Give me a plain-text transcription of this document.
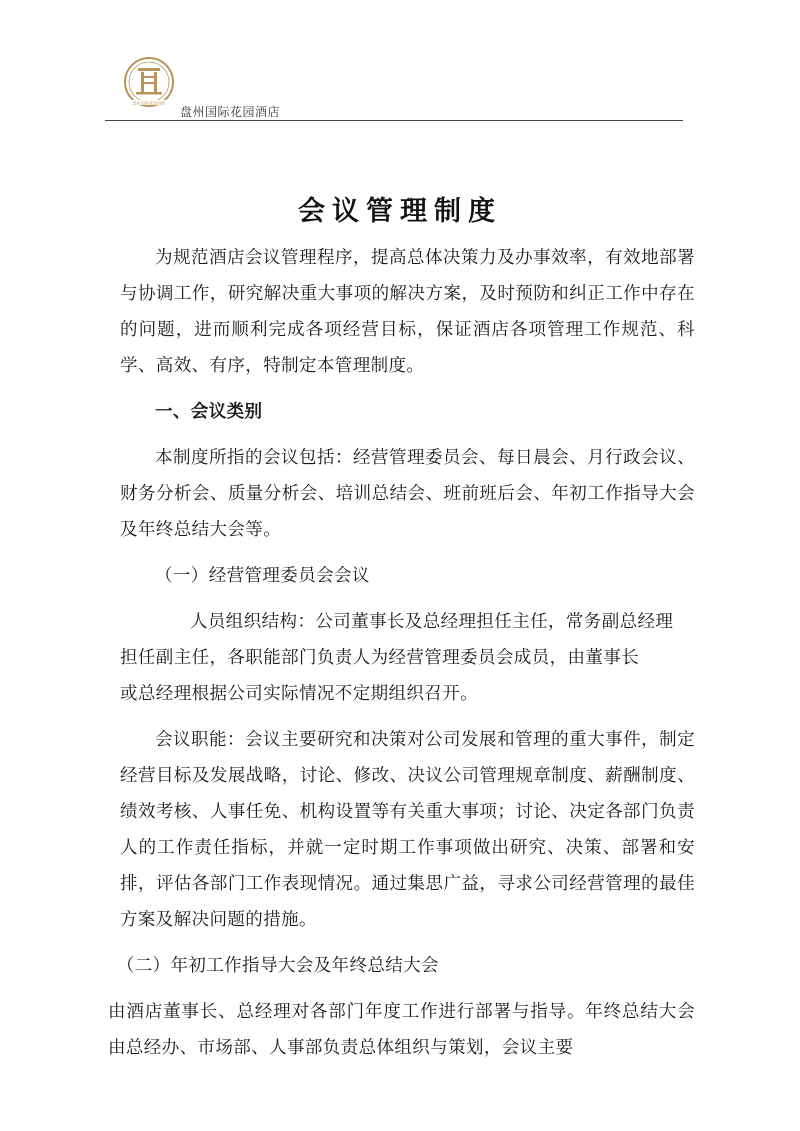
盘州国际花园酒店
盘州国际花园酒店
会议管理制度

为规范酒店会议管理程序，提高总体决策力及办事效率，有效地部署与协调工作，研究解决重大事项的解决方案，及时预防和纠正工作中存在的问题，进而顺利完成各项经营目标，保证酒店各项管理工作规范、科学、高效、有序，特制定本管理制度。

一、会议类别

本制度所指的会议包括：经营管理委员会、每日晨会、月行政会议、财务分析会、质量分析会、培训总结会、班前班后会、年初工作指导大会及年终总结大会等。

（一）经营管理委员会会议

人员组织结构：公司董事长及总经理担任主任，常务副总经理
担任副主任，各职能部门负责人为经营管理委员会成员，由董事长
或总经理根据公司实际情况不定期组织召开。

会议职能：会议主要研究和决策对公司发展和管理的重大事件，制定经营目标及发展战略，讨论、修改、决议公司管理规章制度、薪酬制度、绩效考核、人事任免、机构设置等有关重大事项；讨论、决定各部门负责人的工作责任指标，并就一定时期工作事项做出研究、决策、部署和安排，评估各部门工作表现情况。通过集思广益，寻求公司经营管理的最佳方案及解决问题的措施。

（二）年初工作指导大会及年终总结大会

由酒店董事长、总经理对各部门年度工作进行部署与指导。年终总结大会由总经办、市场部、人事部负责总体组织与策划，会议主要
